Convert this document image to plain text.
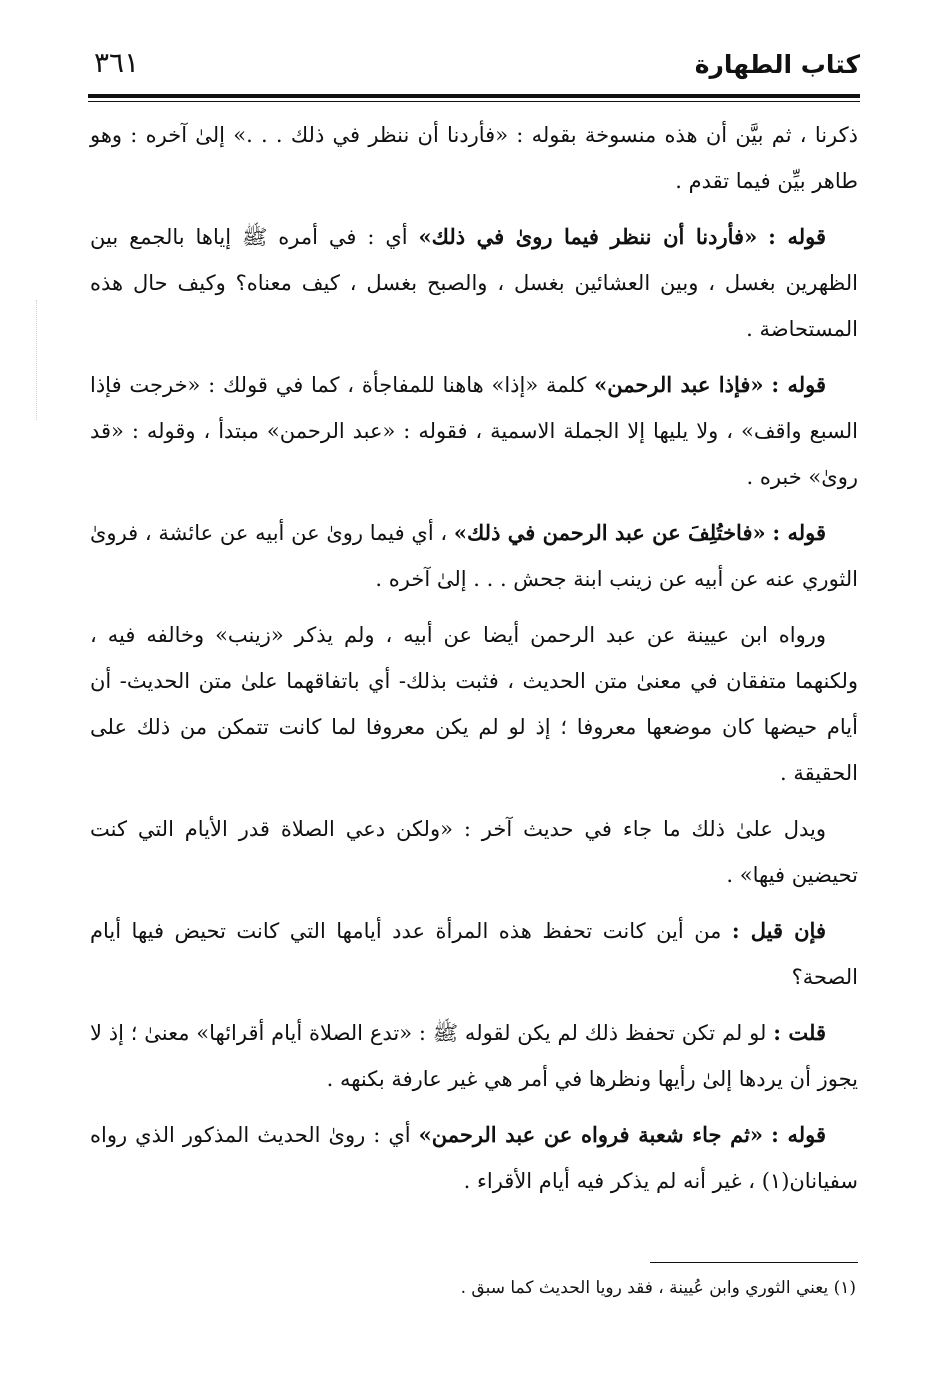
كتاب الطهارة
٣٦١

ذكرنا ، ثم بيَّن أن هذه منسوخة بقوله : «فأردنا أن ننظر في ذلك . . .» إلىٰ آخره : وهو طاهر بيِّن فيما تقدم .

قوله : «فأردنا أن ننظر فيما روىٰ في ذلك» أي : في أمره ﷺ إياها بالجمع بين الظهرين بغسل ، وبين العشائين بغسل ، والصبح بغسل ، كيف معناه؟ وكيف حال هذه المستحاضة .

قوله : «فإذا عبد الرحمن» كلمة «إذا» هاهنا للمفاجأة ، كما في قولك : «خرجت فإذا السبع واقف» ، ولا يليها إلا الجملة الاسمية ، فقوله : «عبد الرحمن» مبتدأ ، وقوله : «قد روىٰ» خبره .

قوله : «فاختُلِفَ عن عبد الرحمن في ذلك» ، أي فيما روىٰ عن أبيه عن عائشة ، فروىٰ الثوري عنه عن أبيه عن زينب ابنة جحش . . . إلىٰ آخره .

ورواه ابن عيينة عن عبد الرحمن أيضا عن أبيه ، ولم يذكر «زينب» وخالفه فيه ، ولكنهما متفقان في معنىٰ متن الحديث ، فثبت بذلك- أي باتفاقهما علىٰ متن الحديث- أن أيام حيضها كان موضعها معروفا ؛ إذ لو لم يكن معروفا لما كانت تتمكن من ذلك على الحقيقة .

ويدل علىٰ ذلك ما جاء في حديث آخر : «ولكن دعي الصلاة قدر الأيام التي كنت تحيضين فيها» .

فإن قيل : من أين كانت تحفظ هذه المرأة عدد أيامها التي كانت تحيض فيها أيام الصحة؟

قلت : لو لم تكن تحفظ ذلك لم يكن لقوله ﷺ : «تدع الصلاة أيام أقرائها» معنىٰ ؛ إذ لا يجوز أن يردها إلىٰ رأيها ونظرها في أمر هي غير عارفة بكنهه .

قوله : «ثم جاء شعبة فرواه عن عبد الرحمن» أي : روىٰ الحديث المذكور الذي رواه سفيانان(١) ، غير أنه لم يذكر فيه أيام الأقراء .

(١) يعني الثوري وابن عُيينة ، فقد رويا الحديث كما سبق .
